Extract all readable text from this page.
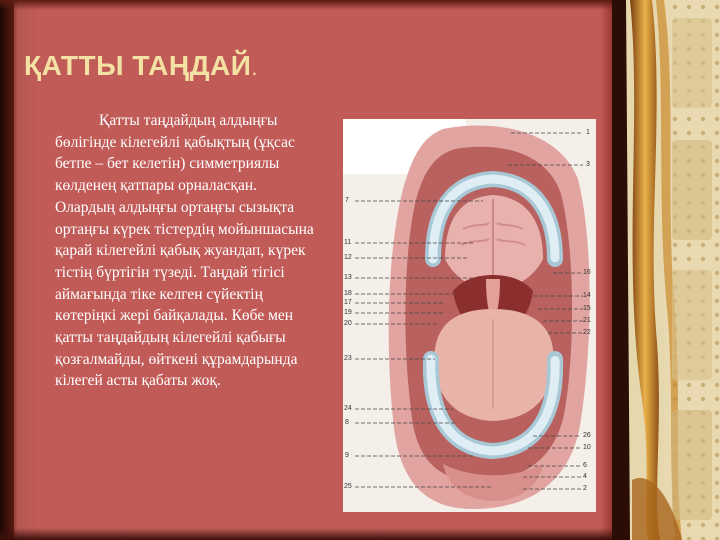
ҚАТТЫ ТАҢДАЙ.

Қатты таңдайдың алдыңғы бөлігінде кілегейлі қабықтың (ұқсас бетпе – бет келетін) симметриялы көлденең қатпары орналасқан. Олардың алдыңғы ортаңғы сызықта ортаңғы күрек тістердің мойыншасына қарай кілегейлі қабық жуандап, күрек тістің бүртігін түзеді. Таңдай тігісі аймағында тіке келген сүйектің көтеріңкі жері байқалады. Көбе мен қатты таңдайдың кілегейлі қабығы қозғалмайды, өйткені құрамдарында кілегей асты қабаты жоқ.

1
3
16
14
15
21
22
26
10
6
4
2
7
11
12
13
18
17
19
20
23
24
8
9
25
